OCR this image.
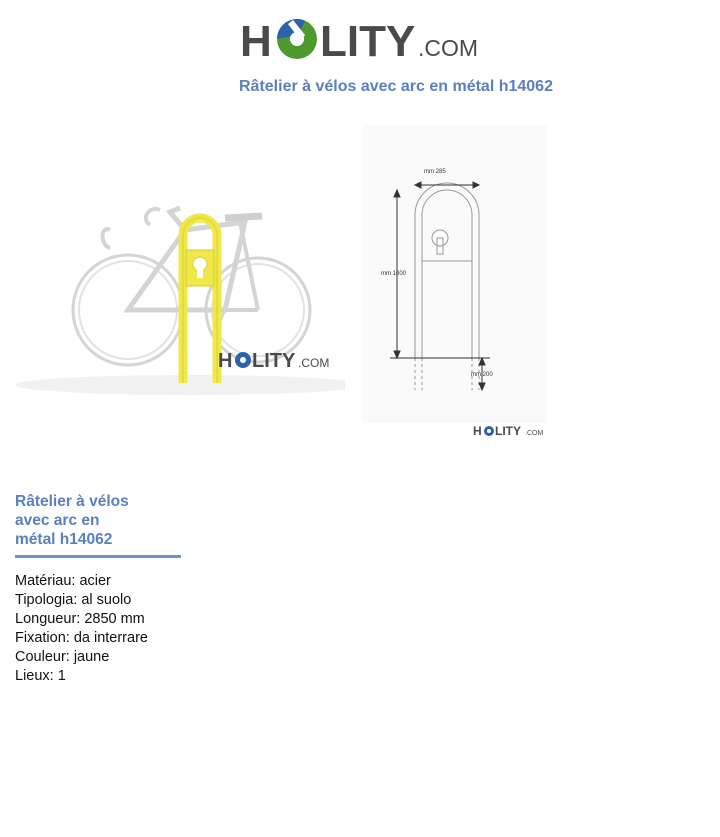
H LITY .COM
Râtelier à vélos avec arc en métal h14062
H LITY .COM
mm 285
mm 1000
mm 200
H LITY .COM
Râtelier à vélos
avec arc en
métal h14062
Matériau: acier
Tipologia: al suolo
Longueur: 2850 mm
Fixation: da interrare
Couleur: jaune
Lieux: 1
